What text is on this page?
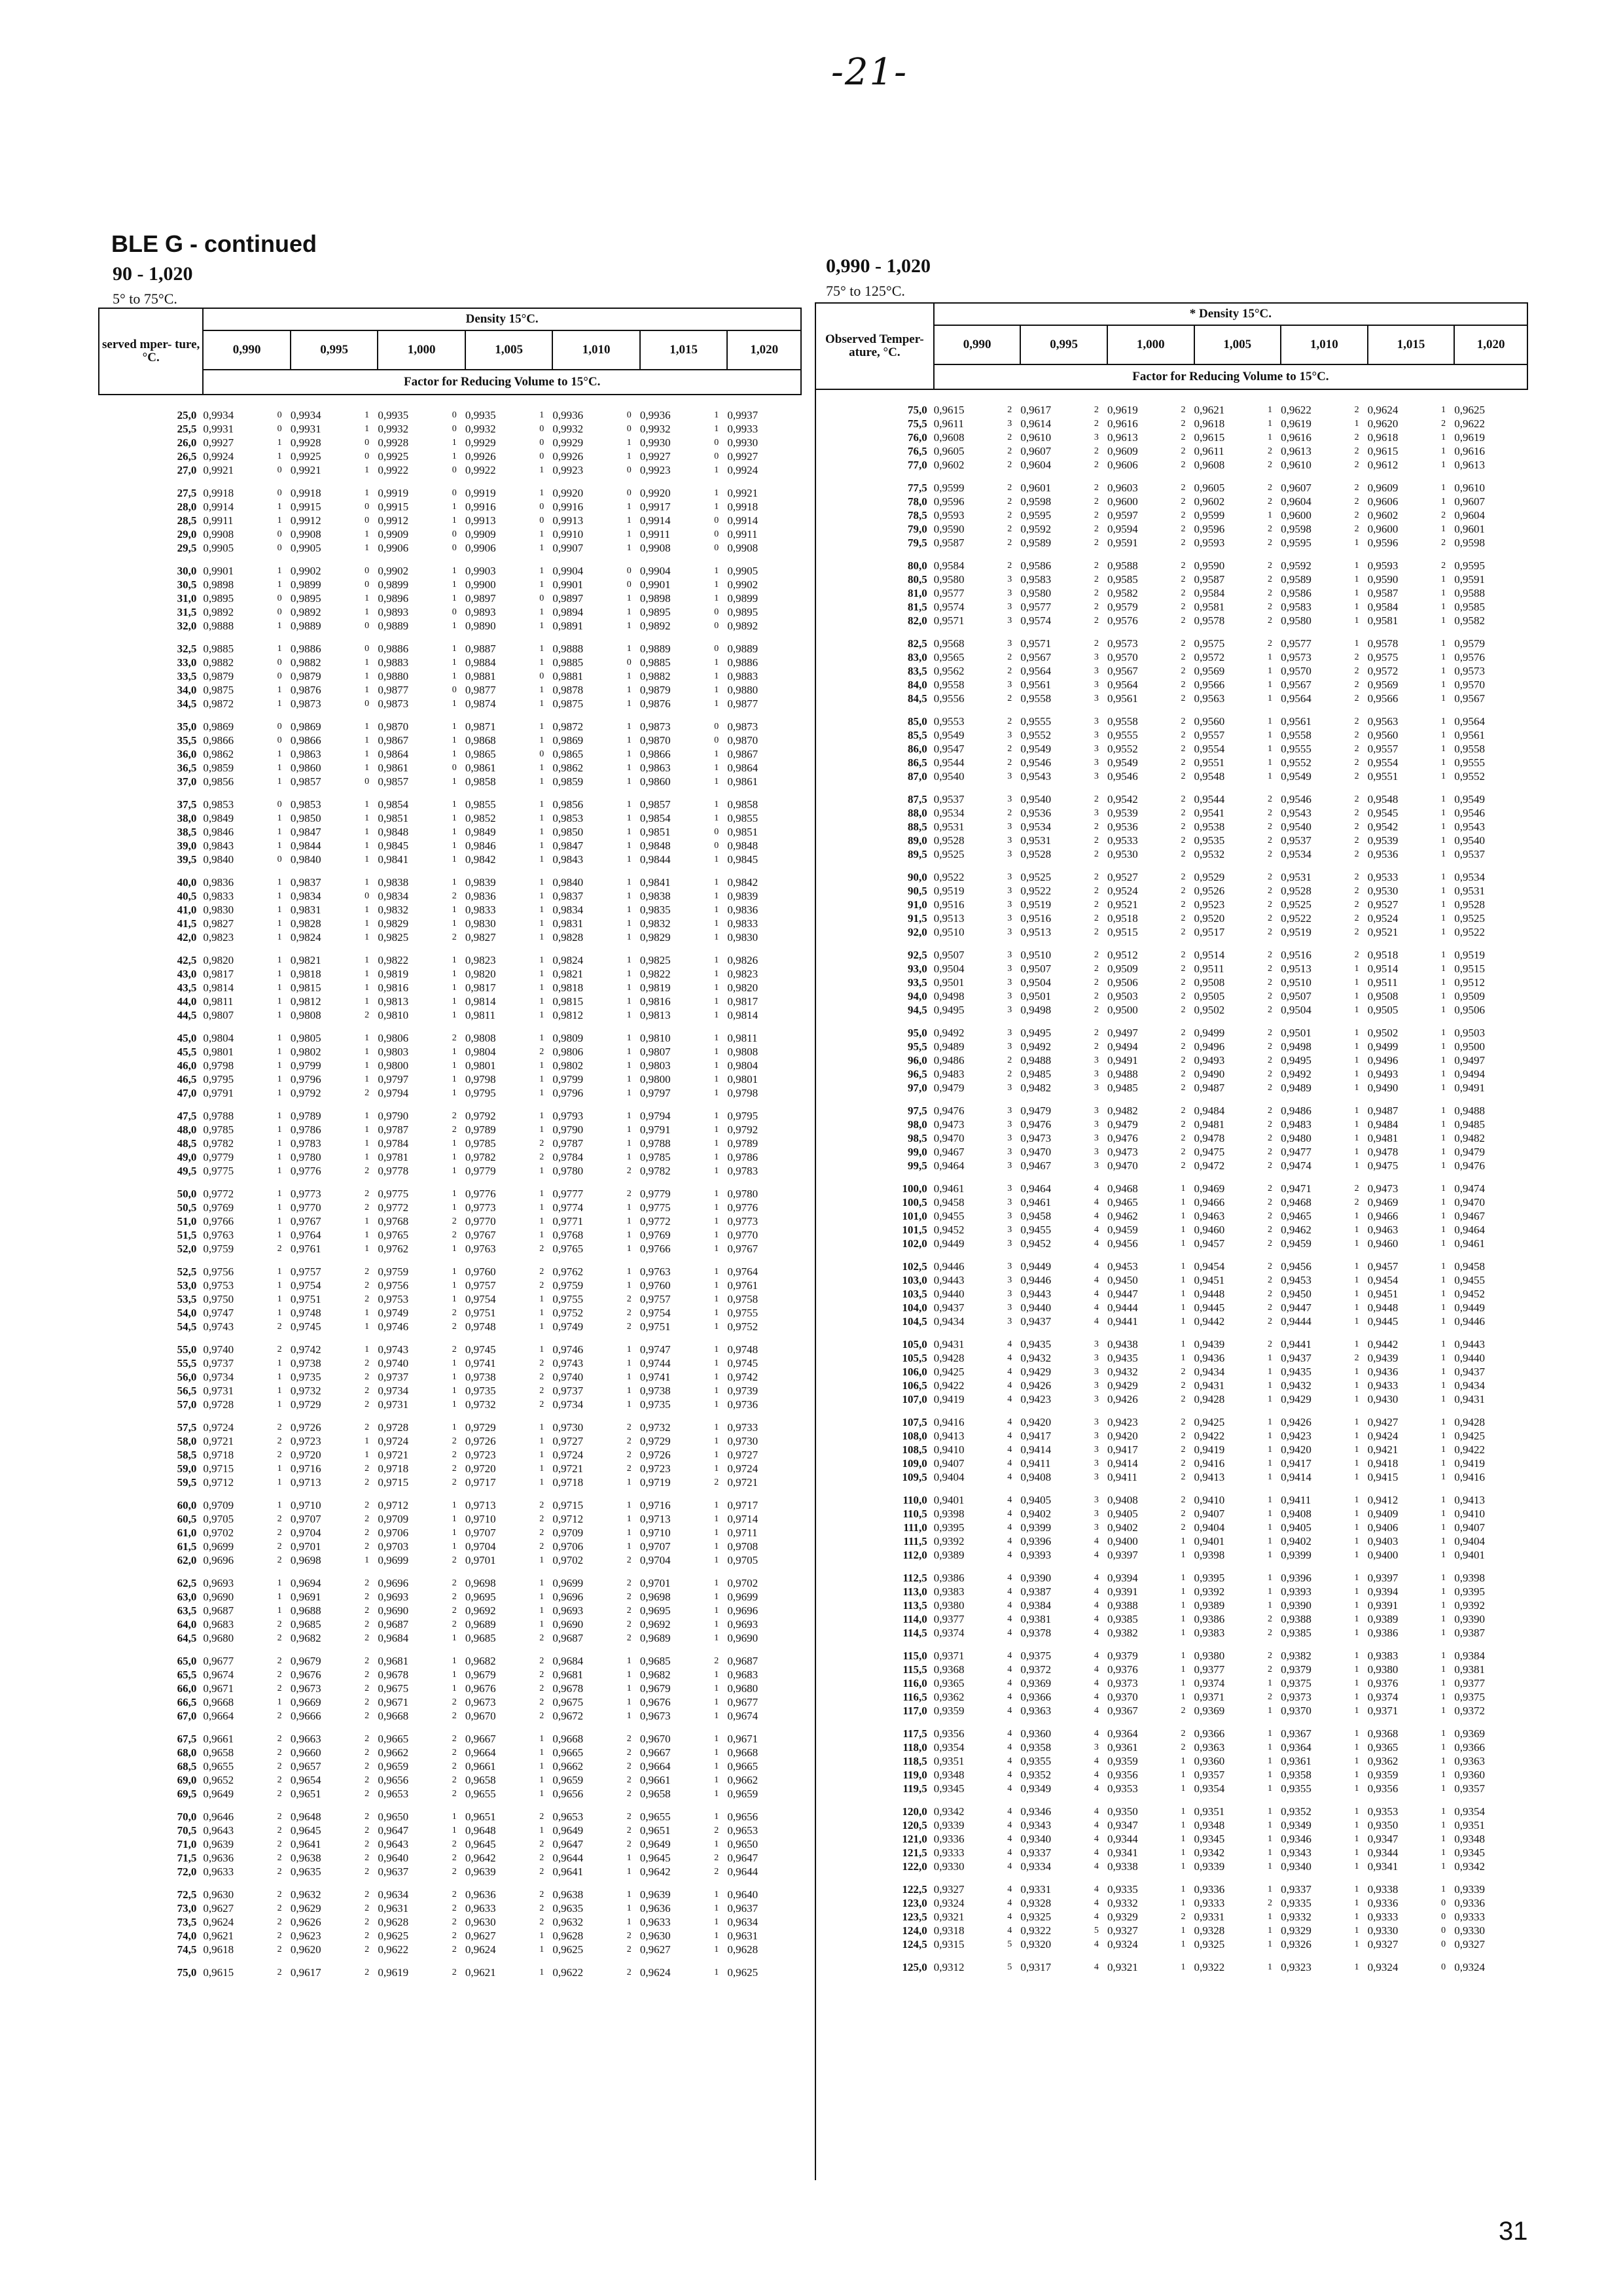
-21-
BLE G - continued
90 - 1,020
5° to 75°C.
0,990 - 1,020
75° to 125°C.
served mper- ture, °C.	Density 15°C.												
	0,990		0,995		1,000		1,005		1,010		1,015		1,020
	Factor for Reducing Volume to 15°C.												

25,0	0,9934	0	0,9934	1	0,9935	0	0,9935	1	0,9936	0	0,9936	1	0,9937
25,5	0,9931	0	0,9931	1	0,9932	0	0,9932	0	0,9932	0	0,9932	1	0,9933
26,0	0,9927	1	0,9928	0	0,9928	1	0,9929	0	0,9929	1	0,9930	0	0,9930
26,5	0,9924	1	0,9925	0	0,9925	1	0,9926	0	0,9926	1	0,9927	0	0,9927
27,0	0,9921	0	0,9921	1	0,9922	0	0,9922	1	0,9923	0	0,9923	1	0,9924

27,5	0,9918	0	0,9918	1	0,9919	0	0,9919	1	0,9920	0	0,9920	1	0,9921
28,0	0,9914	1	0,9915	0	0,9915	1	0,9916	0	0,9916	1	0,9917	1	0,9918
28,5	0,9911	1	0,9912	0	0,9912	1	0,9913	0	0,9913	1	0,9914	0	0,9914
29,0	0,9908	0	0,9908	1	0,9909	0	0,9909	1	0,9910	1	0,9911	0	0,9911
29,5	0,9905	0	0,9905	1	0,9906	0	0,9906	1	0,9907	1	0,9908	0	0,9908

30,0	0,9901	1	0,9902	0	0,9902	1	0,9903	1	0,9904	0	0,9904	1	0,9905
30,5	0,9898	1	0,9899	0	0,9899	1	0,9900	1	0,9901	0	0,9901	1	0,9902
31,0	0,9895	0	0,9895	1	0,9896	1	0,9897	0	0,9897	1	0,9898	1	0,9899
31,5	0,9892	0	0,9892	1	0,9893	0	0,9893	1	0,9894	1	0,9895	0	0,9895
32,0	0,9888	1	0,9889	0	0,9889	1	0,9890	1	0,9891	1	0,9892	0	0,9892

32,5	0,9885	1	0,9886	0	0,9886	1	0,9887	1	0,9888	1	0,9889	0	0,9889
33,0	0,9882	0	0,9882	1	0,9883	1	0,9884	1	0,9885	0	0,9885	1	0,9886
33,5	0,9879	0	0,9879	1	0,9880	1	0,9881	0	0,9881	1	0,9882	1	0,9883
34,0	0,9875	1	0,9876	1	0,9877	0	0,9877	1	0,9878	1	0,9879	1	0,9880
34,5	0,9872	1	0,9873	0	0,9873	1	0,9874	1	0,9875	1	0,9876	1	0,9877

35,0	0,9869	0	0,9869	1	0,9870	1	0,9871	1	0,9872	1	0,9873	0	0,9873
35,5	0,9866	0	0,9866	1	0,9867	1	0,9868	1	0,9869	1	0,9870	0	0,9870
36,0	0,9862	1	0,9863	1	0,9864	1	0,9865	0	0,9865	1	0,9866	1	0,9867
36,5	0,9859	1	0,9860	1	0,9861	0	0,9861	1	0,9862	1	0,9863	1	0,9864
37,0	0,9856	1	0,9857	0	0,9857	1	0,9858	1	0,9859	1	0,9860	1	0,9861

37,5	0,9853	0	0,9853	1	0,9854	1	0,9855	1	0,9856	1	0,9857	1	0,9858
38,0	0,9849	1	0,9850	1	0,9851	1	0,9852	1	0,9853	1	0,9854	1	0,9855
38,5	0,9846	1	0,9847	1	0,9848	1	0,9849	1	0,9850	1	0,9851	0	0,9851
39,0	0,9843	1	0,9844	1	0,9845	1	0,9846	1	0,9847	1	0,9848	0	0,9848
39,5	0,9840	0	0,9840	1	0,9841	1	0,9842	1	0,9843	1	0,9844	1	0,9845

40,0	0,9836	1	0,9837	1	0,9838	1	0,9839	1	0,9840	1	0,9841	1	0,9842
40,5	0,9833	1	0,9834	0	0,9834	2	0,9836	1	0,9837	1	0,9838	1	0,9839
41,0	0,9830	1	0,9831	1	0,9832	1	0,9833	1	0,9834	1	0,9835	1	0,9836
41,5	0,9827	1	0,9828	1	0,9829	1	0,9830	1	0,9831	1	0,9832	1	0,9833
42,0	0,9823	1	0,9824	1	0,9825	2	0,9827	1	0,9828	1	0,9829	1	0,9830

42,5	0,9820	1	0,9821	1	0,9822	1	0,9823	1	0,9824	1	0,9825	1	0,9826
43,0	0,9817	1	0,9818	1	0,9819	1	0,9820	1	0,9821	1	0,9822	1	0,9823
43,5	0,9814	1	0,9815	1	0,9816	1	0,9817	1	0,9818	1	0,9819	1	0,9820
44,0	0,9811	1	0,9812	1	0,9813	1	0,9814	1	0,9815	1	0,9816	1	0,9817
44,5	0,9807	1	0,9808	2	0,9810	1	0,9811	1	0,9812	1	0,9813	1	0,9814

45,0	0,9804	1	0,9805	1	0,9806	2	0,9808	1	0,9809	1	0,9810	1	0,9811
45,5	0,9801	1	0,9802	1	0,9803	1	0,9804	2	0,9806	1	0,9807	1	0,9808
46,0	0,9798	1	0,9799	1	0,9800	1	0,9801	1	0,9802	1	0,9803	1	0,9804
46,5	0,9795	1	0,9796	1	0,9797	1	0,9798	1	0,9799	1	0,9800	1	0,9801
47,0	0,9791	1	0,9792	2	0,9794	1	0,9795	1	0,9796	1	0,9797	1	0,9798

47,5	0,9788	1	0,9789	1	0,9790	2	0,9792	1	0,9793	1	0,9794	1	0,9795
48,0	0,9785	1	0,9786	1	0,9787	2	0,9789	1	0,9790	1	0,9791	1	0,9792
48,5	0,9782	1	0,9783	1	0,9784	1	0,9785	2	0,9787	1	0,9788	1	0,9789
49,0	0,9779	1	0,9780	1	0,9781	1	0,9782	2	0,9784	1	0,9785	1	0,9786
49,5	0,9775	1	0,9776	2	0,9778	1	0,9779	1	0,9780	2	0,9782	1	0,9783

50,0	0,9772	1	0,9773	2	0,9775	1	0,9776	1	0,9777	2	0,9779	1	0,9780
50,5	0,9769	1	0,9770	2	0,9772	1	0,9773	1	0,9774	1	0,9775	1	0,9776
51,0	0,9766	1	0,9767	1	0,9768	2	0,9770	1	0,9771	1	0,9772	1	0,9773
51,5	0,9763	1	0,9764	1	0,9765	2	0,9767	1	0,9768	1	0,9769	1	0,9770
52,0	0,9759	2	0,9761	1	0,9762	1	0,9763	2	0,9765	1	0,9766	1	0,9767

52,5	0,9756	1	0,9757	2	0,9759	1	0,9760	2	0,9762	1	0,9763	1	0,9764
53,0	0,9753	1	0,9754	2	0,9756	1	0,9757	2	0,9759	1	0,9760	1	0,9761
53,5	0,9750	1	0,9751	2	0,9753	1	0,9754	1	0,9755	2	0,9757	1	0,9758
54,0	0,9747	1	0,9748	1	0,9749	2	0,9751	1	0,9752	2	0,9754	1	0,9755
54,5	0,9743	2	0,9745	1	0,9746	2	0,9748	1	0,9749	2	0,9751	1	0,9752

55,0	0,9740	2	0,9742	1	0,9743	2	0,9745	1	0,9746	1	0,9747	1	0,9748
55,5	0,9737	1	0,9738	2	0,9740	1	0,9741	2	0,9743	1	0,9744	1	0,9745
56,0	0,9734	1	0,9735	2	0,9737	1	0,9738	2	0,9740	1	0,9741	1	0,9742
56,5	0,9731	1	0,9732	2	0,9734	1	0,9735	2	0,9737	1	0,9738	1	0,9739
57,0	0,9728	1	0,9729	2	0,9731	1	0,9732	2	0,9734	1	0,9735	1	0,9736

57,5	0,9724	2	0,9726	2	0,9728	1	0,9729	1	0,9730	2	0,9732	1	0,9733
58,0	0,9721	2	0,9723	1	0,9724	2	0,9726	1	0,9727	2	0,9729	1	0,9730
58,5	0,9718	2	0,9720	1	0,9721	2	0,9723	1	0,9724	2	0,9726	1	0,9727
59,0	0,9715	1	0,9716	2	0,9718	2	0,9720	1	0,9721	2	0,9723	1	0,9724
59,5	0,9712	1	0,9713	2	0,9715	2	0,9717	1	0,9718	1	0,9719	2	0,9721

60,0	0,9709	1	0,9710	2	0,9712	1	0,9713	2	0,9715	1	0,9716	1	0,9717
60,5	0,9705	2	0,9707	2	0,9709	1	0,9710	2	0,9712	1	0,9713	1	0,9714
61,0	0,9702	2	0,9704	2	0,9706	1	0,9707	2	0,9709	1	0,9710	1	0,9711
61,5	0,9699	2	0,9701	2	0,9703	1	0,9704	2	0,9706	1	0,9707	1	0,9708
62,0	0,9696	2	0,9698	1	0,9699	2	0,9701	1	0,9702	2	0,9704	1	0,9705

62,5	0,9693	1	0,9694	2	0,9696	2	0,9698	1	0,9699	2	0,9701	1	0,9702
63,0	0,9690	1	0,9691	2	0,9693	2	0,9695	1	0,9696	2	0,9698	1	0,9699
63,5	0,9687	1	0,9688	2	0,9690	2	0,9692	1	0,9693	2	0,9695	1	0,9696
64,0	0,9683	2	0,9685	2	0,9687	2	0,9689	1	0,9690	2	0,9692	1	0,9693
64,5	0,9680	2	0,9682	2	0,9684	1	0,9685	2	0,9687	2	0,9689	1	0,9690

65,0	0,9677	2	0,9679	2	0,9681	1	0,9682	2	0,9684	1	0,9685	2	0,9687
65,5	0,9674	2	0,9676	2	0,9678	1	0,9679	2	0,9681	1	0,9682	1	0,9683
66,0	0,9671	2	0,9673	2	0,9675	1	0,9676	2	0,9678	1	0,9679	1	0,9680
66,5	0,9668	1	0,9669	2	0,9671	2	0,9673	2	0,9675	1	0,9676	1	0,9677
67,0	0,9664	2	0,9666	2	0,9668	2	0,9670	2	0,9672	1	0,9673	1	0,9674

67,5	0,9661	2	0,9663	2	0,9665	2	0,9667	1	0,9668	2	0,9670	1	0,9671
68,0	0,9658	2	0,9660	2	0,9662	2	0,9664	1	0,9665	2	0,9667	1	0,9668
68,5	0,9655	2	0,9657	2	0,9659	2	0,9661	1	0,9662	2	0,9664	1	0,9665
69,0	0,9652	2	0,9654	2	0,9656	2	0,9658	1	0,9659	2	0,9661	1	0,9662
69,5	0,9649	2	0,9651	2	0,9653	2	0,9655	1	0,9656	2	0,9658	1	0,9659

70,0	0,9646	2	0,9648	2	0,9650	1	0,9651	2	0,9653	2	0,9655	1	0,9656
70,5	0,9643	2	0,9645	2	0,9647	1	0,9648	1	0,9649	2	0,9651	2	0,9653
71,0	0,9639	2	0,9641	2	0,9643	2	0,9645	2	0,9647	2	0,9649	1	0,9650
71,5	0,9636	2	0,9638	2	0,9640	2	0,9642	2	0,9644	1	0,9645	2	0,9647
72,0	0,9633	2	0,9635	2	0,9637	2	0,9639	2	0,9641	1	0,9642	2	0,9644

72,5	0,9630	2	0,9632	2	0,9634	2	0,9636	2	0,9638	1	0,9639	1	0,9640
73,0	0,9627	2	0,9629	2	0,9631	2	0,9633	2	0,9635	1	0,9636	1	0,9637
73,5	0,9624	2	0,9626	2	0,9628	2	0,9630	2	0,9632	1	0,9633	1	0,9634
74,0	0,9621	2	0,9623	2	0,9625	2	0,9627	1	0,9628	2	0,9630	1	0,9631
74,5	0,9618	2	0,9620	2	0,9622	2	0,9624	1	0,9625	2	0,9627	1	0,9628

75,0	0,9615	2	0,9617	2	0,9619	2	0,9621	1	0,9622	2	0,9624	1	0,9625
Observed Temper- ature, °C.	* Density 15°C.												
	0,990		0,995		1,000		1,005		1,010		1,015		1,020
	Factor for Reducing Volume to 15°C.												

75,0	0,9615	2	0,9617	2	0,9619	2	0,9621	1	0,9622	2	0,9624	1	0,9625
75,5	0,9611	3	0,9614	2	0,9616	2	0,9618	1	0,9619	1	0,9620	2	0,9622
76,0	0,9608	2	0,9610	3	0,9613	2	0,9615	1	0,9616	2	0,9618	1	0,9619
76,5	0,9605	2	0,9607	2	0,9609	2	0,9611	2	0,9613	2	0,9615	1	0,9616
77,0	0,9602	2	0,9604	2	0,9606	2	0,9608	2	0,9610	2	0,9612	1	0,9613

77,5	0,9599	2	0,9601	2	0,9603	2	0,9605	2	0,9607	2	0,9609	1	0,9610
78,0	0,9596	2	0,9598	2	0,9600	2	0,9602	2	0,9604	2	0,9606	1	0,9607
78,5	0,9593	2	0,9595	2	0,9597	2	0,9599	1	0,9600	2	0,9602	2	0,9604
79,0	0,9590	2	0,9592	2	0,9594	2	0,9596	2	0,9598	2	0,9600	1	0,9601
79,5	0,9587	2	0,9589	2	0,9591	2	0,9593	2	0,9595	1	0,9596	2	0,9598

80,0	0,9584	2	0,9586	2	0,9588	2	0,9590	2	0,9592	1	0,9593	2	0,9595
80,5	0,9580	3	0,9583	2	0,9585	2	0,9587	2	0,9589	1	0,9590	1	0,9591
81,0	0,9577	3	0,9580	2	0,9582	2	0,9584	2	0,9586	1	0,9587	1	0,9588
81,5	0,9574	3	0,9577	2	0,9579	2	0,9581	2	0,9583	1	0,9584	1	0,9585
82,0	0,9571	3	0,9574	2	0,9576	2	0,9578	2	0,9580	1	0,9581	1	0,9582

82,5	0,9568	3	0,9571	2	0,9573	2	0,9575	2	0,9577	1	0,9578	1	0,9579
83,0	0,9565	2	0,9567	3	0,9570	2	0,9572	1	0,9573	2	0,9575	1	0,9576
83,5	0,9562	2	0,9564	3	0,9567	2	0,9569	1	0,9570	2	0,9572	1	0,9573
84,0	0,9558	3	0,9561	3	0,9564	2	0,9566	1	0,9567	2	0,9569	1	0,9570
84,5	0,9556	2	0,9558	3	0,9561	2	0,9563	1	0,9564	2	0,9566	1	0,9567

85,0	0,9553	2	0,9555	3	0,9558	2	0,9560	1	0,9561	2	0,9563	1	0,9564
85,5	0,9549	3	0,9552	3	0,9555	2	0,9557	1	0,9558	2	0,9560	1	0,9561
86,0	0,9547	2	0,9549	3	0,9552	2	0,9554	1	0,9555	2	0,9557	1	0,9558
86,5	0,9544	2	0,9546	3	0,9549	2	0,9551	1	0,9552	2	0,9554	1	0,9555
87,0	0,9540	3	0,9543	3	0,9546	2	0,9548	1	0,9549	2	0,9551	1	0,9552

87,5	0,9537	3	0,9540	2	0,9542	2	0,9544	2	0,9546	2	0,9548	1	0,9549
88,0	0,9534	2	0,9536	3	0,9539	2	0,9541	2	0,9543	2	0,9545	1	0,9546
88,5	0,9531	3	0,9534	2	0,9536	2	0,9538	2	0,9540	2	0,9542	1	0,9543
89,0	0,9528	3	0,9531	2	0,9533	2	0,9535	2	0,9537	2	0,9539	1	0,9540
89,5	0,9525	3	0,9528	2	0,9530	2	0,9532	2	0,9534	2	0,9536	1	0,9537

90,0	0,9522	3	0,9525	2	0,9527	2	0,9529	2	0,9531	2	0,9533	1	0,9534
90,5	0,9519	3	0,9522	2	0,9524	2	0,9526	2	0,9528	2	0,9530	1	0,9531
91,0	0,9516	3	0,9519	2	0,9521	2	0,9523	2	0,9525	2	0,9527	1	0,9528
91,5	0,9513	3	0,9516	2	0,9518	2	0,9520	2	0,9522	2	0,9524	1	0,9525
92,0	0,9510	3	0,9513	2	0,9515	2	0,9517	2	0,9519	2	0,9521	1	0,9522

92,5	0,9507	3	0,9510	2	0,9512	2	0,9514	2	0,9516	2	0,9518	1	0,9519
93,0	0,9504	3	0,9507	2	0,9509	2	0,9511	2	0,9513	1	0,9514	1	0,9515
93,5	0,9501	3	0,9504	2	0,9506	2	0,9508	2	0,9510	1	0,9511	1	0,9512
94,0	0,9498	3	0,9501	2	0,9503	2	0,9505	2	0,9507	1	0,9508	1	0,9509
94,5	0,9495	3	0,9498	2	0,9500	2	0,9502	2	0,9504	1	0,9505	1	0,9506

95,0	0,9492	3	0,9495	2	0,9497	2	0,9499	2	0,9501	1	0,9502	1	0,9503
95,5	0,9489	3	0,9492	2	0,9494	2	0,9496	2	0,9498	1	0,9499	1	0,9500
96,0	0,9486	2	0,9488	3	0,9491	2	0,9493	2	0,9495	1	0,9496	1	0,9497
96,5	0,9483	2	0,9485	3	0,9488	2	0,9490	2	0,9492	1	0,9493	1	0,9494
97,0	0,9479	3	0,9482	3	0,9485	2	0,9487	2	0,9489	1	0,9490	1	0,9491

97,5	0,9476	3	0,9479	3	0,9482	2	0,9484	2	0,9486	1	0,9487	1	0,9488
98,0	0,9473	3	0,9476	3	0,9479	2	0,9481	2	0,9483	1	0,9484	1	0,9485
98,5	0,9470	3	0,9473	3	0,9476	2	0,9478	2	0,9480	1	0,9481	1	0,9482
99,0	0,9467	3	0,9470	3	0,9473	2	0,9475	2	0,9477	1	0,9478	1	0,9479
99,5	0,9464	3	0,9467	3	0,9470	2	0,9472	2	0,9474	1	0,9475	1	0,9476

100,0	0,9461	3	0,9464	4	0,9468	1	0,9469	2	0,9471	2	0,9473	1	0,9474
100,5	0,9458	3	0,9461	4	0,9465	1	0,9466	2	0,9468	2	0,9469	1	0,9470
101,0	0,9455	3	0,9458	4	0,9462	1	0,9463	2	0,9465	1	0,9466	1	0,9467
101,5	0,9452	3	0,9455	4	0,9459	1	0,9460	2	0,9462	1	0,9463	1	0,9464
102,0	0,9449	3	0,9452	4	0,9456	1	0,9457	2	0,9459	1	0,9460	1	0,9461

102,5	0,9446	3	0,9449	4	0,9453	1	0,9454	2	0,9456	1	0,9457	1	0,9458
103,0	0,9443	3	0,9446	4	0,9450	1	0,9451	2	0,9453	1	0,9454	1	0,9455
103,5	0,9440	3	0,9443	4	0,9447	1	0,9448	2	0,9450	1	0,9451	1	0,9452
104,0	0,9437	3	0,9440	4	0,9444	1	0,9445	2	0,9447	1	0,9448	1	0,9449
104,5	0,9434	3	0,9437	4	0,9441	1	0,9442	2	0,9444	1	0,9445	1	0,9446

105,0	0,9431	4	0,9435	3	0,9438	1	0,9439	2	0,9441	1	0,9442	1	0,9443
105,5	0,9428	4	0,9432	3	0,9435	1	0,9436	1	0,9437	2	0,9439	1	0,9440
106,0	0,9425	4	0,9429	3	0,9432	2	0,9434	1	0,9435	1	0,9436	1	0,9437
106,5	0,9422	4	0,9426	3	0,9429	2	0,9431	1	0,9432	1	0,9433	1	0,9434
107,0	0,9419	4	0,9423	3	0,9426	2	0,9428	1	0,9429	1	0,9430	1	0,9431

107,5	0,9416	4	0,9420	3	0,9423	2	0,9425	1	0,9426	1	0,9427	1	0,9428
108,0	0,9413	4	0,9417	3	0,9420	2	0,9422	1	0,9423	1	0,9424	1	0,9425
108,5	0,9410	4	0,9414	3	0,9417	2	0,9419	1	0,9420	1	0,9421	1	0,9422
109,0	0,9407	4	0,9411	3	0,9414	2	0,9416	1	0,9417	1	0,9418	1	0,9419
109,5	0,9404	4	0,9408	3	0,9411	2	0,9413	1	0,9414	1	0,9415	1	0,9416

110,0	0,9401	4	0,9405	3	0,9408	2	0,9410	1	0,9411	1	0,9412	1	0,9413
110,5	0,9398	4	0,9402	3	0,9405	2	0,9407	1	0,9408	1	0,9409	1	0,9410
111,0	0,9395	4	0,9399	3	0,9402	2	0,9404	1	0,9405	1	0,9406	1	0,9407
111,5	0,9392	4	0,9396	4	0,9400	1	0,9401	1	0,9402	1	0,9403	1	0,9404
112,0	0,9389	4	0,9393	4	0,9397	1	0,9398	1	0,9399	1	0,9400	1	0,9401

112,5	0,9386	4	0,9390	4	0,9394	1	0,9395	1	0,9396	1	0,9397	1	0,9398
113,0	0,9383	4	0,9387	4	0,9391	1	0,9392	1	0,9393	1	0,9394	1	0,9395
113,5	0,9380	4	0,9384	4	0,9388	1	0,9389	1	0,9390	1	0,9391	1	0,9392
114,0	0,9377	4	0,9381	4	0,9385	1	0,9386	2	0,9388	1	0,9389	1	0,9390
114,5	0,9374	4	0,9378	4	0,9382	1	0,9383	2	0,9385	1	0,9386	1	0,9387

115,0	0,9371	4	0,9375	4	0,9379	1	0,9380	2	0,9382	1	0,9383	1	0,9384
115,5	0,9368	4	0,9372	4	0,9376	1	0,9377	2	0,9379	1	0,9380	1	0,9381
116,0	0,9365	4	0,9369	4	0,9373	1	0,9374	1	0,9375	1	0,9376	1	0,9377
116,5	0,9362	4	0,9366	4	0,9370	1	0,9371	2	0,9373	1	0,9374	1	0,9375
117,0	0,9359	4	0,9363	4	0,9367	2	0,9369	1	0,9370	1	0,9371	1	0,9372

117,5	0,9356	4	0,9360	4	0,9364	2	0,9366	1	0,9367	1	0,9368	1	0,9369
118,0	0,9354	4	0,9358	3	0,9361	2	0,9363	1	0,9364	1	0,9365	1	0,9366
118,5	0,9351	4	0,9355	4	0,9359	1	0,9360	1	0,9361	1	0,9362	1	0,9363
119,0	0,9348	4	0,9352	4	0,9356	1	0,9357	1	0,9358	1	0,9359	1	0,9360
119,5	0,9345	4	0,9349	4	0,9353	1	0,9354	1	0,9355	1	0,9356	1	0,9357

120,0	0,9342	4	0,9346	4	0,9350	1	0,9351	1	0,9352	1	0,9353	1	0,9354
120,5	0,9339	4	0,9343	4	0,9347	1	0,9348	1	0,9349	1	0,9350	1	0,9351
121,0	0,9336	4	0,9340	4	0,9344	1	0,9345	1	0,9346	1	0,9347	1	0,9348
121,5	0,9333	4	0,9337	4	0,9341	1	0,9342	1	0,9343	1	0,9344	1	0,9345
122,0	0,9330	4	0,9334	4	0,9338	1	0,9339	1	0,9340	1	0,9341	1	0,9342

122,5	0,9327	4	0,9331	4	0,9335	1	0,9336	1	0,9337	1	0,9338	1	0,9339
123,0	0,9324	4	0,9328	4	0,9332	1	0,9333	2	0,9335	1	0,9336	0	0,9336
123,5	0,9321	4	0,9325	4	0,9329	2	0,9331	1	0,9332	1	0,9333	0	0,9333
124,0	0,9318	4	0,9322	5	0,9327	1	0,9328	1	0,9329	1	0,9330	0	0,9330
124,5	0,9315	5	0,9320	4	0,9324	1	0,9325	1	0,9326	1	0,9327	0	0,9327

125,0	0,9312	5	0,9317	4	0,9321	1	0,9322	1	0,9323	1	0,9324	0	0,9324
31
